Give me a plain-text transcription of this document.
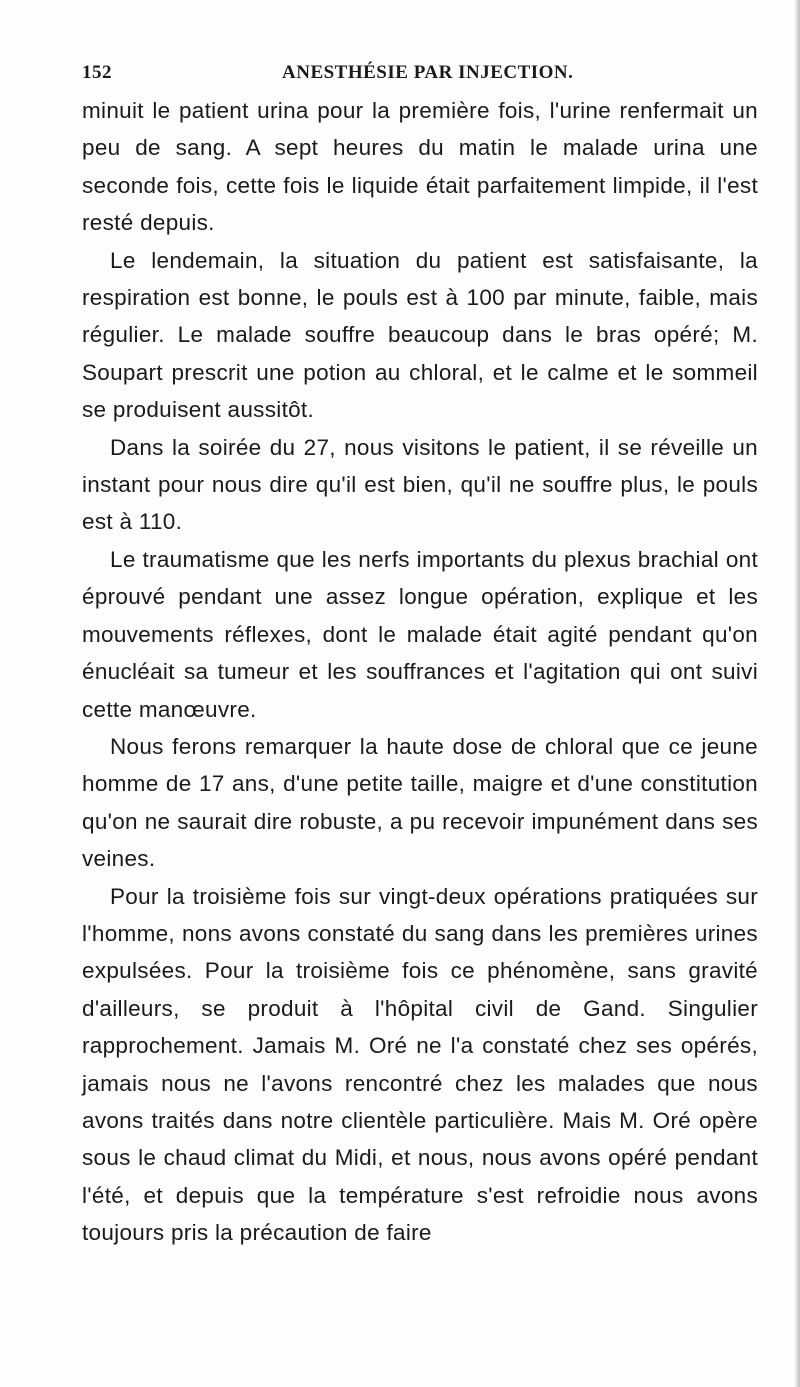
152	ANESTHÉSIE PAR INJECTION.

minuit le patient urina pour la première fois, l'urine renfermait un peu de sang. A sept heures du matin le malade urina une seconde fois, cette fois le liquide était parfaitement limpide, il l'est resté depuis.

Le lendemain, la situation du patient est satisfaisante, la respiration est bonne, le pouls est à 100 par minute, faible, mais régulier. Le malade souffre beaucoup dans le bras opéré; M. Soupart prescrit une potion au chloral, et le calme et le sommeil se produisent aussitôt.

Dans la soirée du 27, nous visitons le patient, il se réveille un instant pour nous dire qu'il est bien, qu'il ne souffre plus, le pouls est à 110.

Le traumatisme que les nerfs importants du plexus brachial ont éprouvé pendant une assez longue opération, explique et les mouvements réflexes, dont le malade était agité pendant qu'on énucléait sa tumeur et les souffrances et l'agitation qui ont suivi cette manœuvre.

Nous ferons remarquer la haute dose de chloral que ce jeune homme de 17 ans, d'une petite taille, maigre et d'une constitution qu'on ne saurait dire robuste, a pu recevoir impunément dans ses veines.

Pour la troisième fois sur vingt-deux opérations pratiquées sur l'homme, nons avons constaté du sang dans les premières urines expulsées. Pour la troisième fois ce phénomène, sans gravité d'ailleurs, se produit à l'hôpital civil de Gand. Singulier rapprochement. Jamais M. Oré ne l'a constaté chez ses opérés, jamais nous ne l'avons rencontré chez les malades que nous avons traités dans notre clientèle particulière. Mais M. Oré opère sous le chaud climat du Midi, et nous, nous avons opéré pendant l'été, et depuis que la température s'est refroidie nous avons toujours pris la précaution de faire
